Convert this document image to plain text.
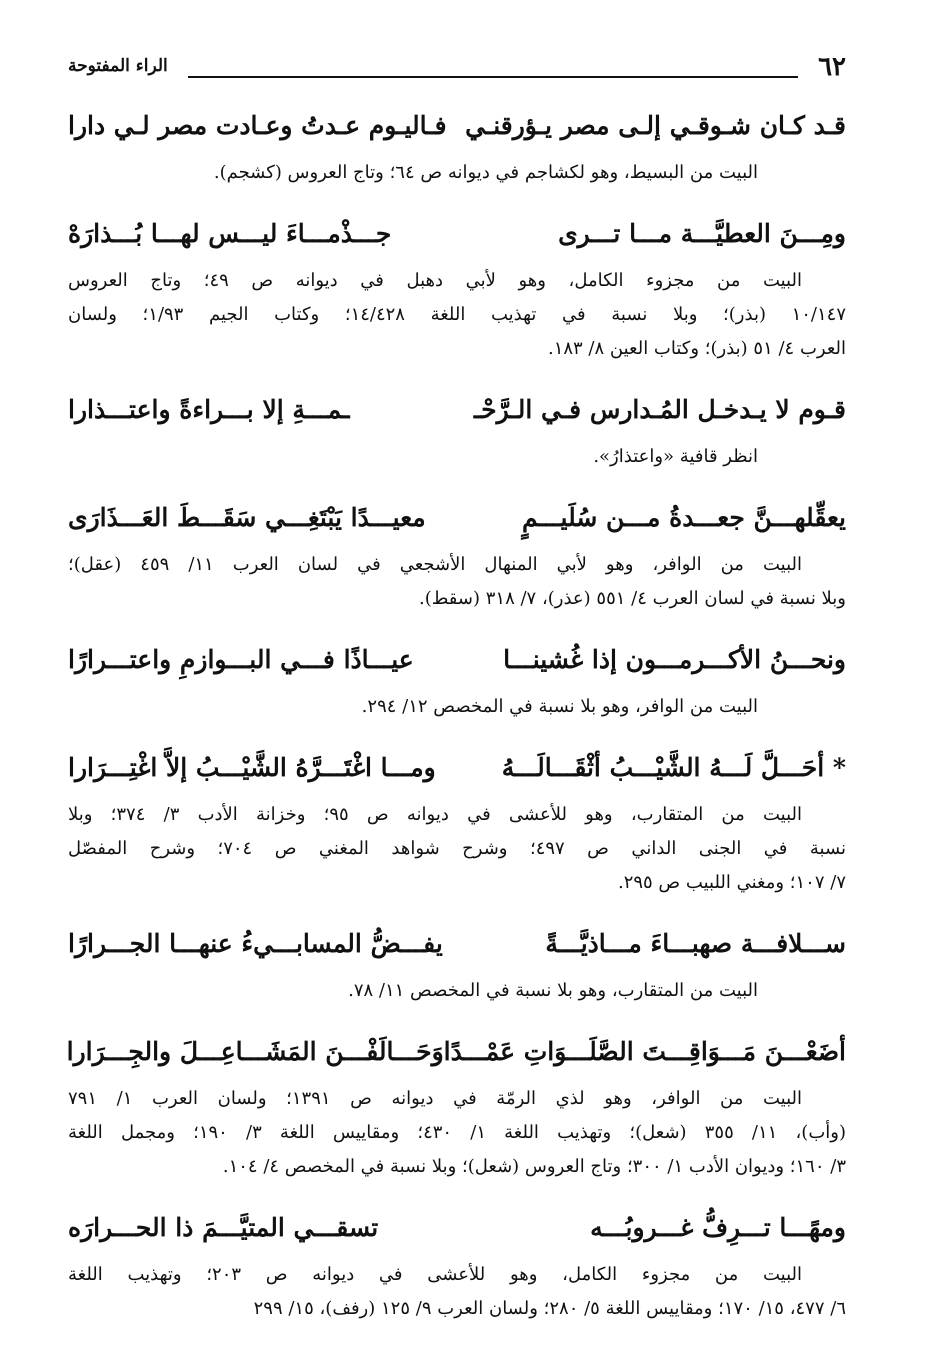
٦٢
الراء المفتوحة
قـد كـان شـوقـي إلـى مصر يـؤرقنـي
فـاليـوم عـدتُ وعـادت مصر لـي دارا
البيت من البسيط، وهو لكشاجم في ديوانه ص ٦٤؛ وتاج العروس (كشجم).
ومِـــنَ العطيَّـــة مـــا تـــرى
جـــذْمـــاءَ ليـــس لهـــا بُـــذارَهْ
البيت من مجزوء الكامل، وهو لأبي دهبل في ديوانه ص ٤٩؛ وتاج العروس
١٠/١٤٧ (بذر)؛ وبلا نسبة في تهذيب اللغة ١٤/٤٢٨؛ وكتاب الجيم ١/٩٣؛ ولسان
العرب ٤/ ٥١ (بذر)؛ وكتاب العين ٨/ ١٨٣.
قـوم لا يـدخـل المُـدارس فـي الـرَّحْـ
ـمـــةِ إلا بـــراءةً واعتـــذارا
انظر قافية «واعتذارُ».
يعقِّلهـــنَّ جعـــدةُ مـــن سُلَيـــمٍ
معيـــدًا يَبْتَغِـــي سَقَـــطَ العَـــذَارَى
البيت من الوافر، وهو لأبي المنهال الأشجعي في لسان العرب ١١/ ٤٥٩ (عقل)؛
وبلا نسبة في لسان العرب ٤/ ٥٥١ (عذر)، ٧/ ٣١٨ (سقط).
ونحـــنُ الأكـــرمـــون إذا غُشينـــا
عيـــاذًا فـــي البـــوازمِ واعتـــرارًا
البيت من الوافر، وهو بلا نسبة في المخصص ١٢/ ٢٩٤.
* أحَـــلَّ لَـــهُ الشَّيْـــبُ أثْقَـــالَـــهُ
ومـــا اغْتَـــرَّهُ الشَّيْـــبُ إلاَّ اغْتِـــرَارا
البيت من المتقارب، وهو للأعشى في ديوانه ص ٩٥؛ وخزانة الأدب ٣/ ٣٧٤؛ وبلا
نسبة في الجنى الداني ص ٤٩٧؛ وشرح شواهد المغني ص ٧٠٤؛ وشرح المفصّل
٧/ ١٠٧؛ ومغني اللبيب ص ٢٩٥.
ســـلافـــة صهبـــاءَ مـــاذيَّـــةً
يفـــضُّ المسابـــيءُ عنهـــا الجـــرارًا
البيت من المتقارب، وهو بلا نسبة في المخصص ١١/ ٧٨.
أضَعْـــنَ مَـــوَاقِـــتَ الصَّلَـــوَاتِ عَمْـــدًا
وَحَـــالَفْـــنَ المَشَـــاعِـــلَ والجِـــرَارا
البيت من الوافر، وهو لذي الرمّة في ديوانه ص ١٣٩١؛ ولسان العرب ١/ ٧٩١
(وأب)، ١١/ ٣٥٥ (شعل)؛ وتهذيب اللغة ١/ ٤٣٠؛ ومقاييس اللغة ٣/ ١٩٠؛ ومجمل اللغة
٣/ ١٦٠؛ وديوان الأدب ١/ ٣٠٠؛ وتاج العروس (شعل)؛ وبلا نسبة في المخصص ٤/ ١٠٤.
ومهًـــا تـــرِفُّ غـــروبُـــه
تسقـــي المتيَّـــمَ ذا الحـــرارَه
البيت من مجزوء الكامل، وهو للأعشى في ديوانه ص ٢٠٣؛ وتهذيب اللغة
٦/ ٤٧٧، ١٥/ ١٧٠؛ ومقاييس اللغة ٥/ ٢٨٠؛ ولسان العرب ٩/ ١٢٥ (رفف)، ١٥/ ٢٩٩
